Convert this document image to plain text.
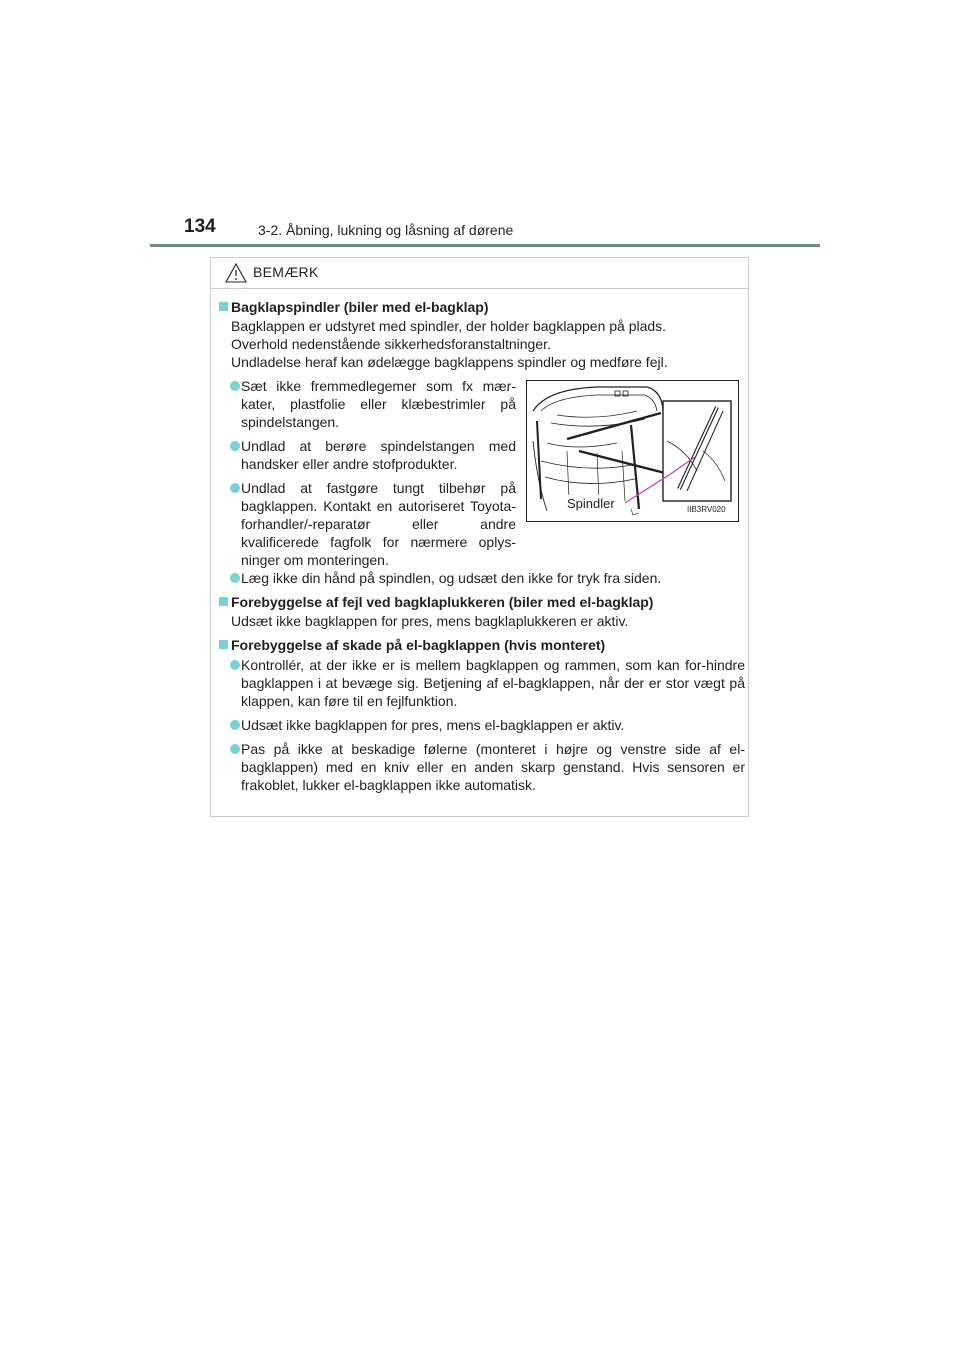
134	3-2. Åbning, lukning og låsning af dørene
BEMÆRK
Bagklapspindler (biler med el-bagklap)
Bagklappen er udstyret med spindler, der holder bagklappen på plads.
Overhold nedenstående sikkerhedsforanstaltninger.
Undladelse heraf kan ødelægge bagklappens spindler og medføre fejl.
Sæt ikke fremmedlegemer som fx mær-kater, plastfolie eller klæbestrimler på spindelstangen.
Undlad at berøre spindelstangen med handsker eller andre stofprodukter.
Undlad at fastgøre tungt tilbehør på bagklappen. Kontakt en autoriseret Toyota-forhandler/-reparatør eller andre kvalificerede fagfolk for nærmere oplys-ninger om monteringen.
Spindler	IIB3RV020
Læg ikke din hånd på spindlen, og udsæt den ikke for tryk fra siden.
Forebyggelse af fejl ved bagklaplukkeren (biler med el-bagklap)
Udsæt ikke bagklappen for pres, mens bagklaplukkeren er aktiv.
Forebyggelse af skade på el-bagklappen (hvis monteret)
Kontrollér, at der ikke er is mellem bagklappen og rammen, som kan for-hindre bagklappen i at bevæge sig. Betjening af el-bagklappen, når der er stor vægt på klappen, kan føre til en fejlfunktion.
Udsæt ikke bagklappen for pres, mens el-bagklappen er aktiv.
Pas på ikke at beskadige følerne (monteret i højre og venstre side af el-bagklappen) med en kniv eller en anden skarp genstand. Hvis sensoren er frakoblet, lukker el-bagklappen ikke automatisk.
